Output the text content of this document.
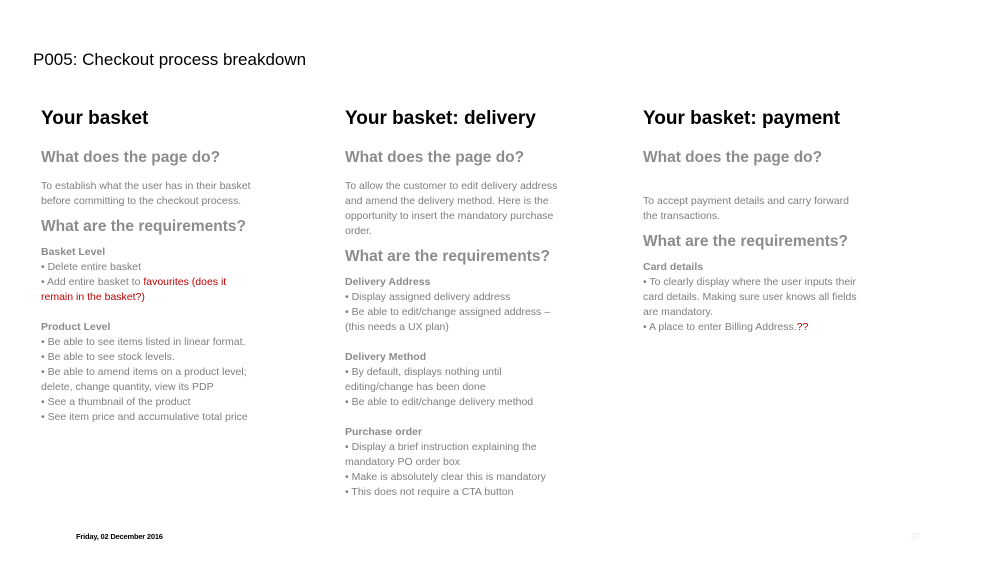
P005: Checkout process breakdown
Your basket
What does the page do?
To establish what the user has in their basket
before committing to the checkout process.
What are the requirements?
Basket Level
• Delete entire basket
• Add entire basket to favourites (does it
remain in the basket?)
Product Level
• Be able to see items listed in linear format.
• Be able to see stock levels.
• Be able to amend items on a product level;
delete, change quantity, view its PDP
• See a thumbnail of the product
• See item price and accumulative total price
Your basket: delivery
What does the page do?
To allow the customer to edit delivery address
and amend the delivery method. Here is the
opportunity to insert the mandatory purchase
order.
What are the requirements?
Delivery Address
• Display assigned delivery address
• Be able to edit/change assigned address –
(this needs a UX plan)
Delivery Method
• By default, displays nothing until
editing/change has been done
• Be able to edit/change delivery method
Purchase order
• Display a brief instruction explaining the
mandatory PO order box
• Make is absolutely clear this is mandatory
• This does not require a CTA button
Your basket: payment
What does the page do?
To accept payment details and carry forward
the transactions.
What are the requirements?
Card details
• To clearly display where the user inputs their
card details. Making sure user knows all fields
are mandatory.
• A place to enter Billing Address.??
Friday, 02 December 2016	37
